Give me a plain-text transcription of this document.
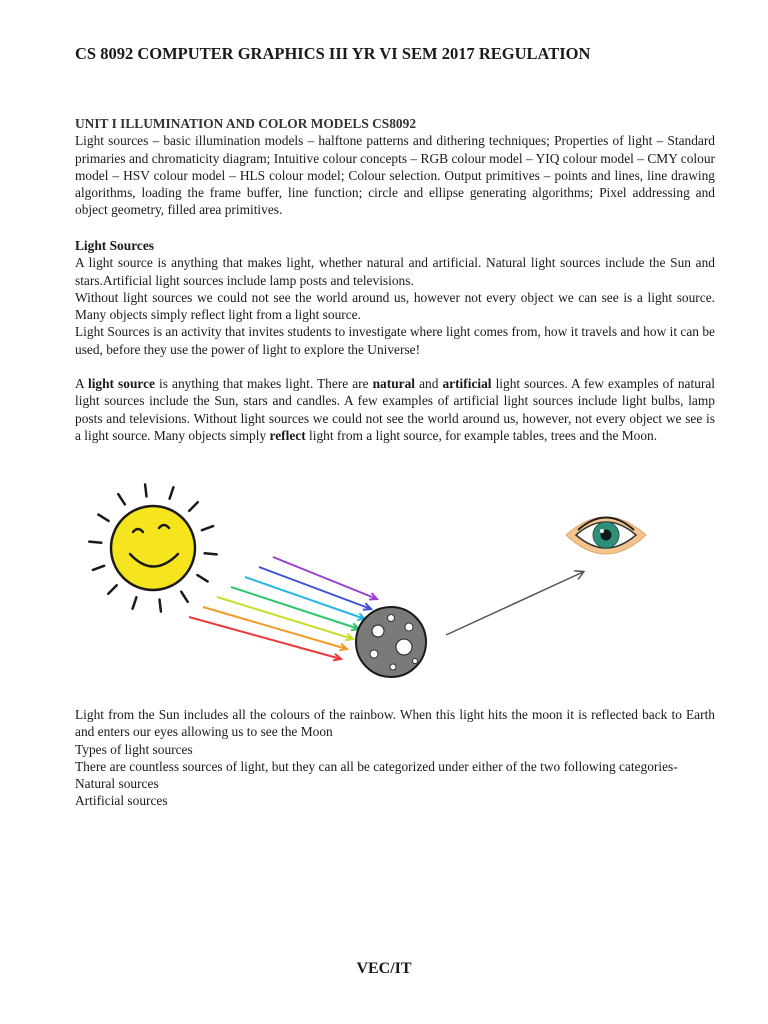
CS 8092 COMPUTER GRAPHICS III YR VI SEM 2017 REGULATION

UNIT I ILLUMINATION AND COLOR MODELS CS8092

Light sources – basic illumination models – halftone patterns and dithering techniques; Properties of light – Standard primaries and chromaticity diagram; Intuitive colour concepts – RGB colour model – YIQ colour model – CMY colour model – HSV colour model – HLS colour model; Colour selection. Output primitives – points and lines, line drawing algorithms, loading the frame buffer, line function; circle and ellipse generating algorithms; Pixel addressing and object geometry, filled area primitives.

Light Sources

A light source is anything that makes light, whether natural and artificial. Natural light sources include the Sun and stars.Artificial light sources include lamp posts and televisions.

Without light sources we could not see the world around us, however not every object we can see is a light source. Many objects simply reflect light from a light source.

Light Sources is an activity that invites students to investigate where light comes from, how it travels and how it can be used, before they use the power of light to explore the Universe!

A light source is anything that makes light. There are natural and artificial light sources. A few examples of natural light sources include the Sun, stars and candles. A few examples of artificial light sources include light bulbs, lamp posts and televisions. Without light sources we could not see the world around us, however, not every object we see is a light source. Many objects simply reflect light from a light source, for example tables, trees and the Moon.

Light from the Sun includes all the colours of the rainbow. When this light hits the moon it is reflected back to Earth and enters our eyes allowing us to see the Moon

Types of light sources

There are countless sources of light, but they can all be categorized under either of the two following categories-

Natural sources

Artificial sources

VEC/IT
